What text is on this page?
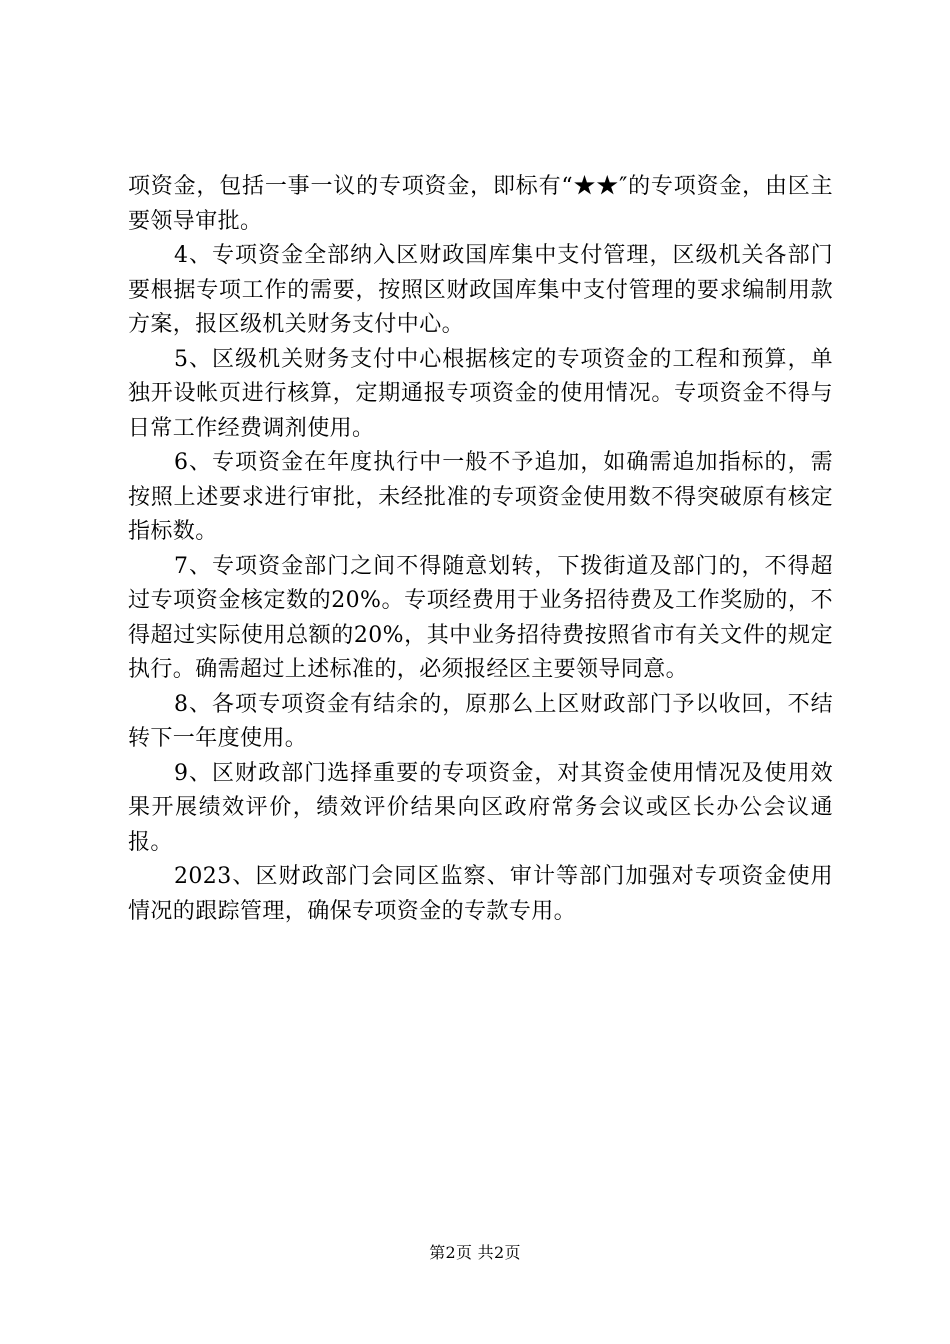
项资金，包括一事一议的专项资金，即标有“★★″的专项资金，由区主要领导审批。

4、专项资金全部纳入区财政国库集中支付管理，区级机关各部门要根据专项工作的需要，按照区财政国库集中支付管理的要求编制用款方案，报区级机关财务支付中心。

5、区级机关财务支付中心根据核定的专项资金的工程和预算，单独开设帐页进行核算，定期通报专项资金的使用情况。专项资金不得与日常工作经费调剂使用。

6、专项资金在年度执行中一般不予追加，如确需追加指标的，需按照上述要求进行审批，未经批准的专项资金使用数不得突破原有核定指标数。

7、专项资金部门之间不得随意划转，下拨街道及部门的，不得超过专项资金核定数的20%。专项经费用于业务招待费及工作奖励的，不得超过实际使用总额的20%，其中业务招待费按照省市有关文件的规定执行。确需超过上述标准的，必须报经区主要领导同意。

8、各项专项资金有结余的，原那么上区财政部门予以收回，不结转下一年度使用。

9、区财政部门选择重要的专项资金，对其资金使用情况及使用效果开展绩效评价，绩效评价结果向区政府常务会议或区长办公会议通报。

2023、区财政部门会同区监察、审计等部门加强对专项资金使用情况的跟踪管理，确保专项资金的专款专用。

第2页 共2页
